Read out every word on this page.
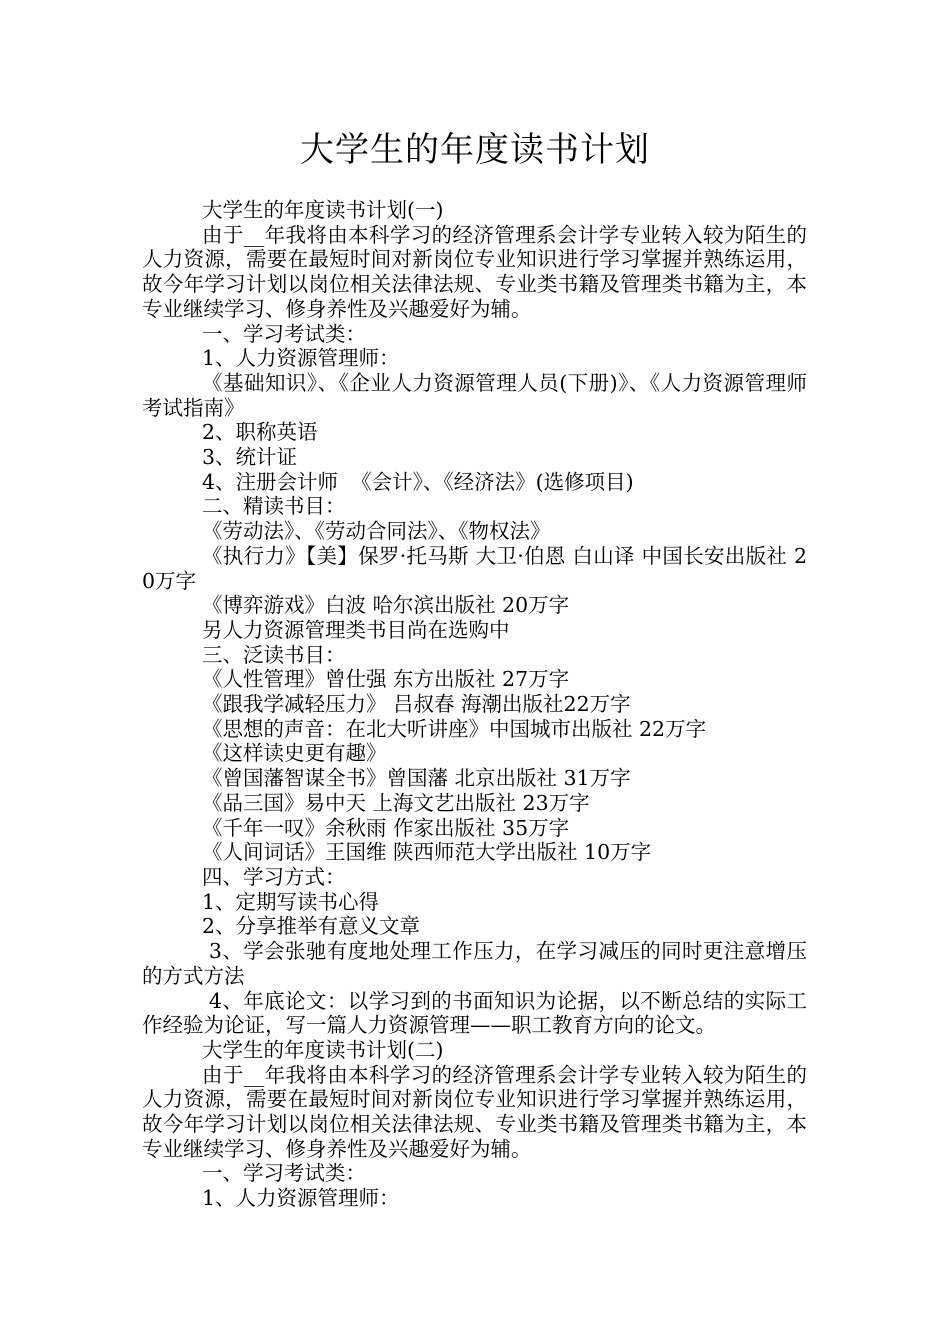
大学生的年度读书计划

大学生的年度读书计划(一)

由于__年我将由本科学习的经济管理系会计学专业转入较为陌生的人力资源，需要在最短时间对新岗位专业知识进行学习掌握并熟练运用，故今年学习计划以岗位相关法律法规、专业类书籍及管理类书籍为主，本专业继续学习、修身养性及兴趣爱好为辅。

一、学习考试类：

1、人力资源管理师：

《基础知识》、《企业人力资源管理人员(下册)》、《人力资源管理师考试指南》

2、职称英语

3、统计证

4、注册会计师  《会计》、《经济法》(选修项目)

二、精读书目：

《劳动法》、《劳动合同法》、《物权法》

《执行力》【美】保罗·托马斯 大卫·伯恩 白山译 中国长安出版社 20万字

《博弈游戏》白波 哈尔滨出版社 20万字

另人力资源管理类书目尚在选购中

三、泛读书目：

《人性管理》曾仕强 东方出版社 27万字

《跟我学减轻压力》 吕叔春 海潮出版社22万字

《思想的声音：在北大听讲座》中国城市出版社 22万字

《这样读史更有趣》

《曾国藩智谋全书》曾国藩 北京出版社 31万字

《品三国》易中天 上海文艺出版社 23万字

《千年一叹》余秋雨 作家出版社 35万字

《人间词话》王国维 陕西师范大学出版社 10万字

四、学习方式：

1、定期写读书心得

2、分享推举有意义文章

3、学会张驰有度地处理工作压力，在学习减压的同时更注意增压的方式方法

4、年底论文：以学习到的书面知识为论据，以不断总结的实际工作经验为论证，写一篇人力资源管理——职工教育方向的论文。

大学生的年度读书计划(二)

由于__年我将由本科学习的经济管理系会计学专业转入较为陌生的人力资源，需要在最短时间对新岗位专业知识进行学习掌握并熟练运用，故今年学习计划以岗位相关法律法规、专业类书籍及管理类书籍为主，本专业继续学习、修身养性及兴趣爱好为辅。

一、学习考试类：

1、人力资源管理师：
